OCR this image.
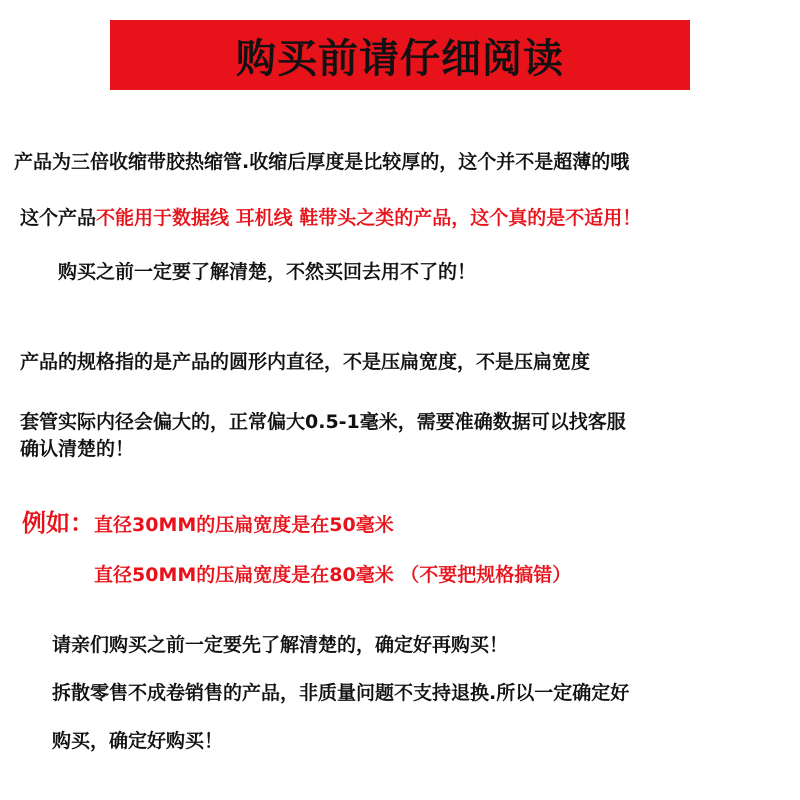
购买前请仔细阅读
产品为三倍收缩带胶热缩管.收缩后厚度是比较厚的，这个并不是超薄的哦
这个产品不能用于数据线 耳机线 鞋带头之类的产品，这个真的是不适用！
购买之前一定要了解清楚，不然买回去用不了的！
产品的规格指的是产品的圆形内直径，不是压扁宽度，不是压扁宽度
套管实际内径会偏大的，正常偏大0.5-1毫米，需要准确数据可以找客服
确认清楚的！
例如：直径30MM的压扁宽度是在50毫米
直径50MM的压扁宽度是在80毫米 （不要把规格搞错）
请亲们购买之前一定要先了解清楚的，确定好再购买！
拆散零售不成卷销售的产品，非质量问题不支持退换.所以一定确定好
购买，确定好购买！
